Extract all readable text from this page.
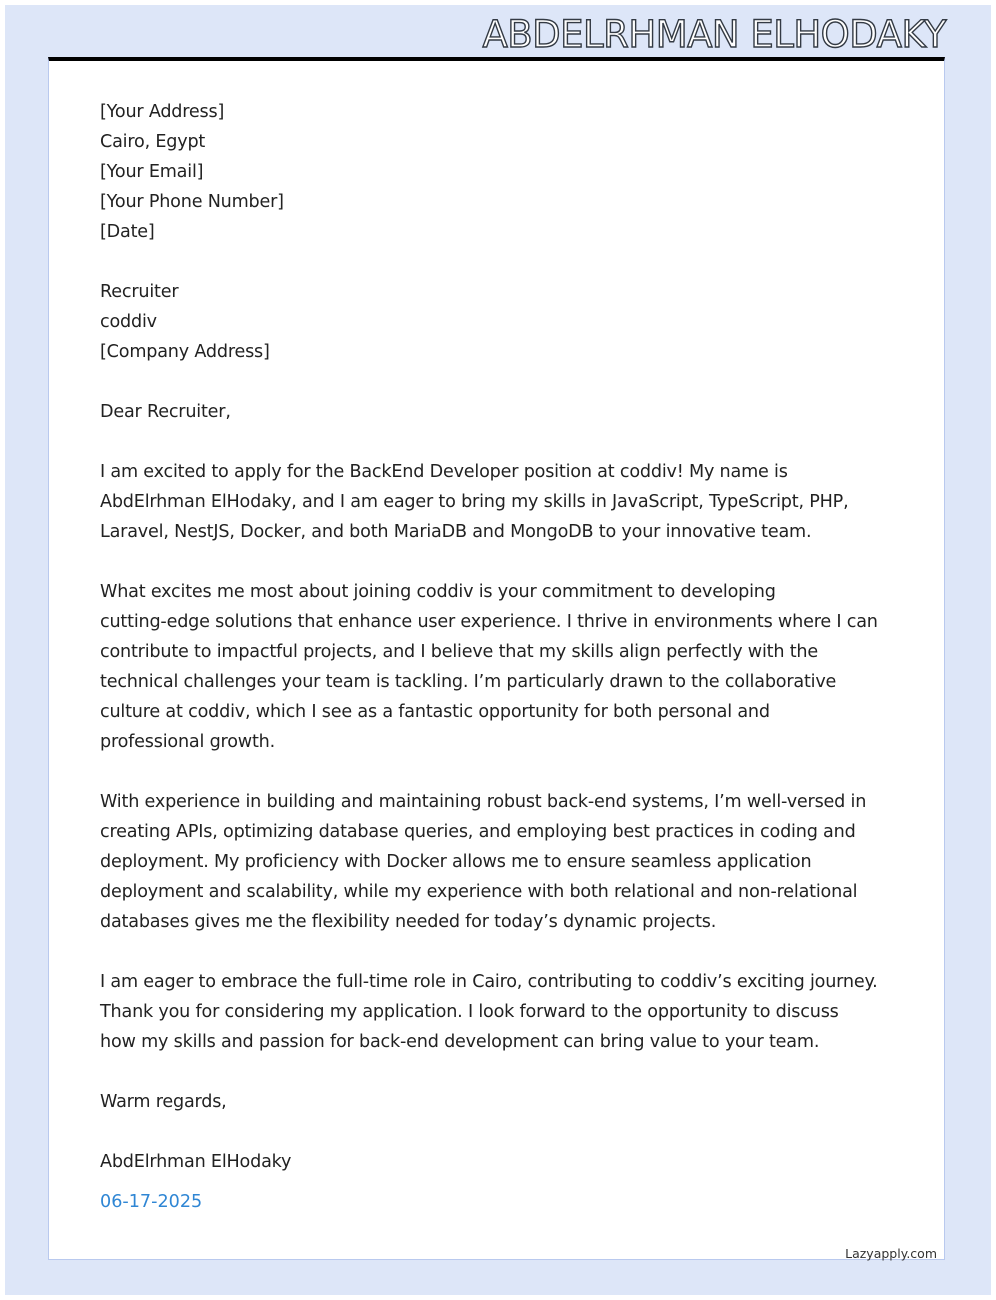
ABDELRHMAN ELHODAKY
[Your Address]
Cairo, Egypt
[Your Email]
[Your Phone Number]
[Date]
Recruiter
coddiv
[Company Address]
Dear Recruiter,
I am excited to apply for the BackEnd Developer position at coddiv! My name is
AbdElrhman ElHodaky, and I am eager to bring my skills in JavaScript, TypeScript, PHP,
Laravel, NestJS, Docker, and both MariaDB and MongoDB to your innovative team.
What excites me most about joining coddiv is your commitment to developing
cutting-edge solutions that enhance user experience. I thrive in environments where I can
contribute to impactful projects, and I believe that my skills align perfectly with the
technical challenges your team is tackling. I’m particularly drawn to the collaborative
culture at coddiv, which I see as a fantastic opportunity for both personal and
professional growth.
With experience in building and maintaining robust back-end systems, I’m well-versed in
creating APIs, optimizing database queries, and employing best practices in coding and
deployment. My proficiency with Docker allows me to ensure seamless application
deployment and scalability, while my experience with both relational and non-relational
databases gives me the flexibility needed for today’s dynamic projects.
I am eager to embrace the full-time role in Cairo, contributing to coddiv’s exciting journey.
Thank you for considering my application. I look forward to the opportunity to discuss
how my skills and passion for back-end development can bring value to your team.
Warm regards,
AbdElrhman ElHodaky
06-17-2025
Lazyapply.com
